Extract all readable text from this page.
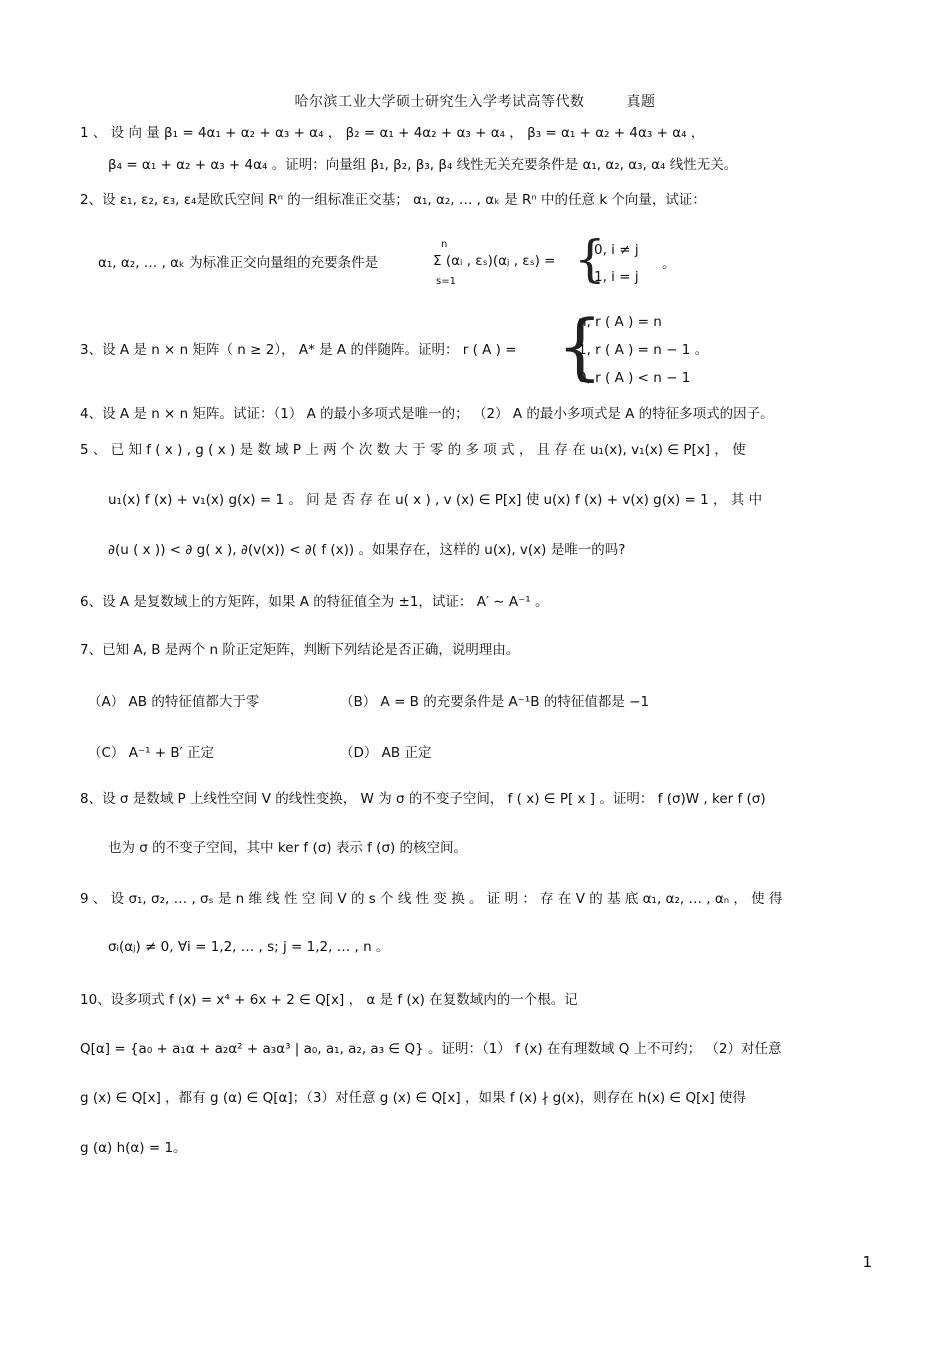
哈尔滨工业大学硕士研究生入学考试高等代数	真题
1 、 设 向 量 β₁ = 4α₁ + α₂ + α₃ + α₄ ， β₂ = α₁ + 4α₂ + α₃ + α₄ ， β₃ = α₁ + α₂ + 4α₃ + α₄ ，
β₄ = α₁ + α₂ + α₃ + 4α₄ 。证明：向量组 β₁, β₂, β₃, β₄ 线性无关充要条件是 α₁, α₂, α₃, α₄ 线性无关。
2、设 ε₁, ε₂, ε₃, ε₄是欧氏空间 Rⁿ 的一组标准正交基； α₁, α₂, … , αₖ 是 Rⁿ 中的任意 k 个向量，试证：
α₁, α₂, … , αₖ 为标准正交向量组的充要条件是
n
Σ (αᵢ , εₛ)(αⱼ , εₛ) =
s=1 {
0, i ≠ j
1, i = j
。
3、设 A 是 n × n 矩阵（ n ≥ 2）， A* 是 A 的伴随阵。证明： r ( A ) = {
n, r ( A ) = n
1, r ( A ) = n − 1 。
0, r ( A ) < n − 1
4、设 A 是 n × n 矩阵。试证：（1） A 的最小多项式是唯一的； （2） A 的最小多项式是 A 的特征多项式的因子。
5 、 已 知 f ( x ) , g ( x ) 是 数 域 P 上 两 个 次 数 大 于 零 的 多 项 式 ， 且 存 在 u₁(x), v₁(x) ∈ P[x] ， 使
u₁(x) f (x) + v₁(x) g(x) = 1 。 问 是 否 存 在 u( x ) , v (x) ∈ P[x] 使 u(x) f (x) + v(x) g(x) = 1 ， 其 中
∂(u ( x )) < ∂ g( x ), ∂(v(x)) < ∂( f (x)) 。如果存在，这样的 u(x), v(x) 是唯一的吗?
6、设 A 是复数域上的方矩阵，如果 A 的特征值全为 ±1，试证： A′ ∼ A⁻¹ 。
7、已知 A, B 是两个 n 阶正定矩阵，判断下列结论是否正确，说明理由。
（A） AB 的特征值都大于零	（B） A = B 的充要条件是 A⁻¹B 的特征值都是 −1
（C） A⁻¹ + B′ 正定	（D） AB 正定
8、设 σ 是数域 P 上线性空间 V 的线性变换， W 为 σ 的不变子空间， f ( x) ∈ P[ x ] 。证明： f (σ)W , ker f (σ)
也为 σ 的不变子空间，其中 ker f (σ) 表示 f (σ) 的核空间。
9 、 设 σ₁, σ₂, … , σₛ 是 n 维 线 性 空 间 V 的 s 个 线 性 变 换 。 证 明 ： 存 在 V 的 基 底 α₁, α₂, … , αₙ ， 使 得
σᵢ(αⱼ) ≠ 0, ∀i = 1,2, … , s; j = 1,2, … , n 。
10、设多项式 f (x) = x⁴ + 6x + 2 ∈ Q[x] ， α 是 f (x) 在复数域内的一个根。记
Q[α] = {a₀ + a₁α + a₂α² + a₃α³ | a₀, a₁, a₂, a₃ ∈ Q} 。证明：（1） f (x) 在有理数域 Q 上不可约； （2）对任意
g (x) ∈ Q[x] ，都有 g (α) ∈ Q[α]；（3）对任意 g (x) ∈ Q[x] ，如果 f (x) ∤ g(x)，则存在 h(x) ∈ Q[x] 使得
g (α) h(α) = 1。
1
